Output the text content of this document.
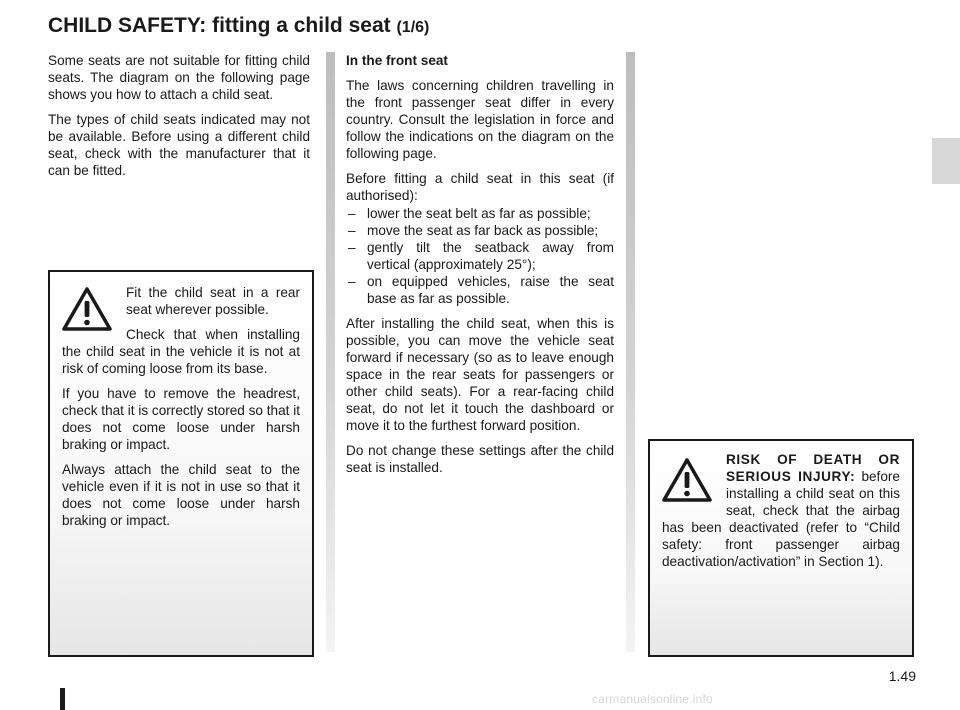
CHILD SAFETY: fitting a child seat (1/6)

Some seats are not suitable for fitting child seats. The diagram on the following page shows you how to attach a child seat.

The types of child seats indicated may not be available. Before using a different child seat, check with the manufacturer that it can be fitted.

Fit the child seat in a rear seat wherever possible.

Check that when installing the child seat in the vehicle it is not at risk of coming loose from its base.

If you have to remove the headrest, check that it is correctly stored so that it does not come loose under harsh braking or impact.

Always attach the child seat to the vehicle even if it is not in use so that it does not come loose under harsh braking or impact.

In the front seat

The laws concerning children travelling in the front passenger seat differ in every country. Consult the legislation in force and follow the indications on the diagram on the following page.

Before fitting a child seat in this seat (if authorised):

– lower the seat belt as far as possible;
– move the seat as far back as possible;
– gently tilt the seatback away from vertical (approximately 25°);
– on equipped vehicles, raise the seat base as far as possible.

After installing the child seat, when this is possible, you can move the vehicle seat forward if necessary (so as to leave enough space in the rear seats for passengers or other child seats). For a rear-facing child seat, do not let it touch the dashboard or move it to the furthest forward position.

Do not change these settings after the child seat is installed.

RISK OF DEATH OR SERIOUS INJURY: before installing a child seat on this seat, check that the airbag has been deactivated (refer to “Child safety: front passenger airbag deactivation/activation” in Section 1).

1.49
carmanualsonline.info
